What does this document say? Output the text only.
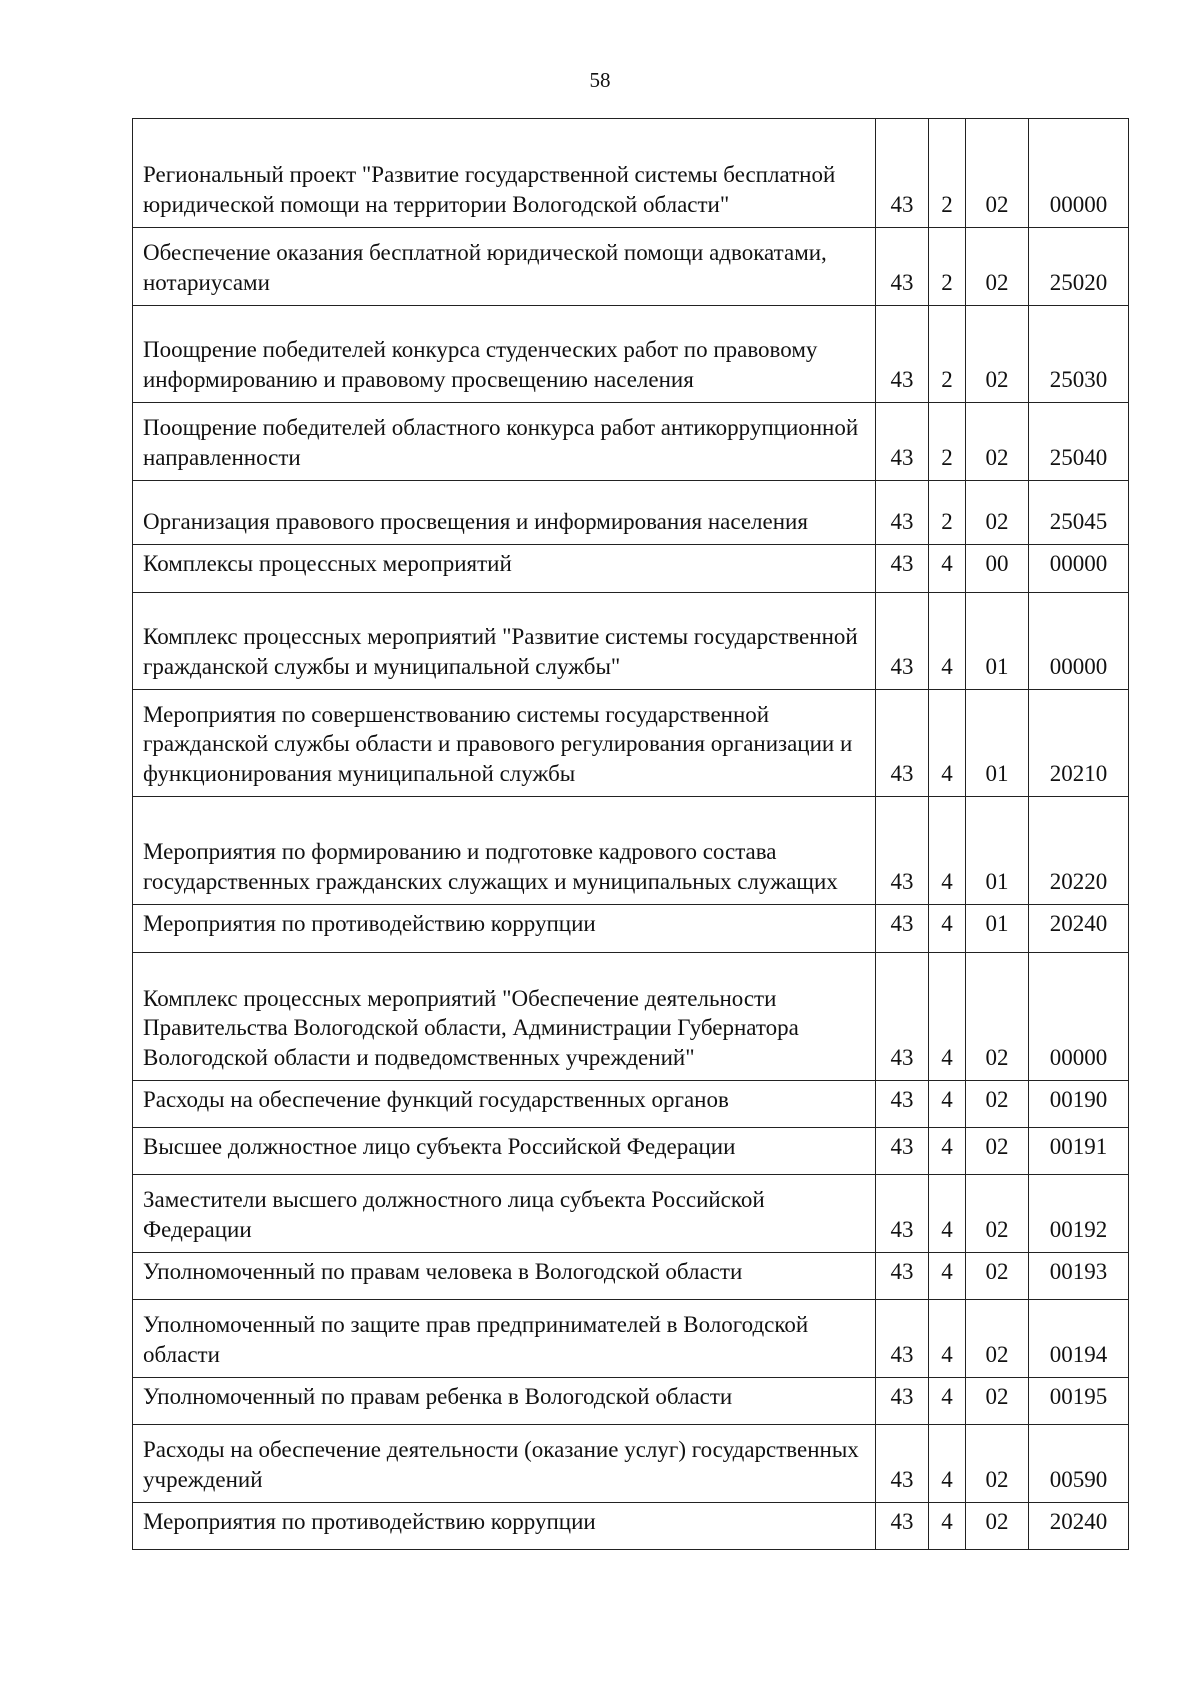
58
Региональный проект "Развитие государственной системы бесплатной юридической помощи на территории Вологодской области"	43	2	02	00000
Обеспечение оказания бесплатной юридической помощи адвокатами, нотариусами	43	2	02	25020
Поощрение победителей конкурса студенческих работ по правовому информированию и правовому просвещению населения	43	2	02	25030
Поощрение победителей областного конкурса работ антикоррупционной направленности	43	2	02	25040
Организация правового просвещения и информирования населения	43	2	02	25045
Комплексы процессных мероприятий	43	4	00	00000
Комплекс процессных мероприятий "Развитие системы государственной гражданской службы и муниципальной службы"	43	4	01	00000
Мероприятия по совершенствованию системы государственной гражданской службы области и правового регулирования организации и функционирования муниципальной службы	43	4	01	20210
Мероприятия по формированию и подготовке кадрового состава государственных гражданских служащих и муниципальных служащих	43	4	01	20220
Мероприятия по противодействию коррупции	43	4	01	20240
Комплекс процессных мероприятий "Обеспечение деятельности Правительства Вологодской области, Администрации Губернатора Вологодской области и подведомственных учреждений"	43	4	02	00000
Расходы на обеспечение функций государственных органов	43	4	02	00190
Высшее должностное лицо субъекта Российской Федерации	43	4	02	00191
Заместители высшего должностного лица субъекта Российской Федерации	43	4	02	00192
Уполномоченный по правам человека в Вологодской области	43	4	02	00193
Уполномоченный по защите прав предпринимателей в Вологодской области	43	4	02	00194
Уполномоченный по правам ребенка в Вологодской области	43	4	02	00195
Расходы на обеспечение деятельности (оказание услуг) государственных учреждений	43	4	02	00590
Мероприятия по противодействию коррупции	43	4	02	20240
